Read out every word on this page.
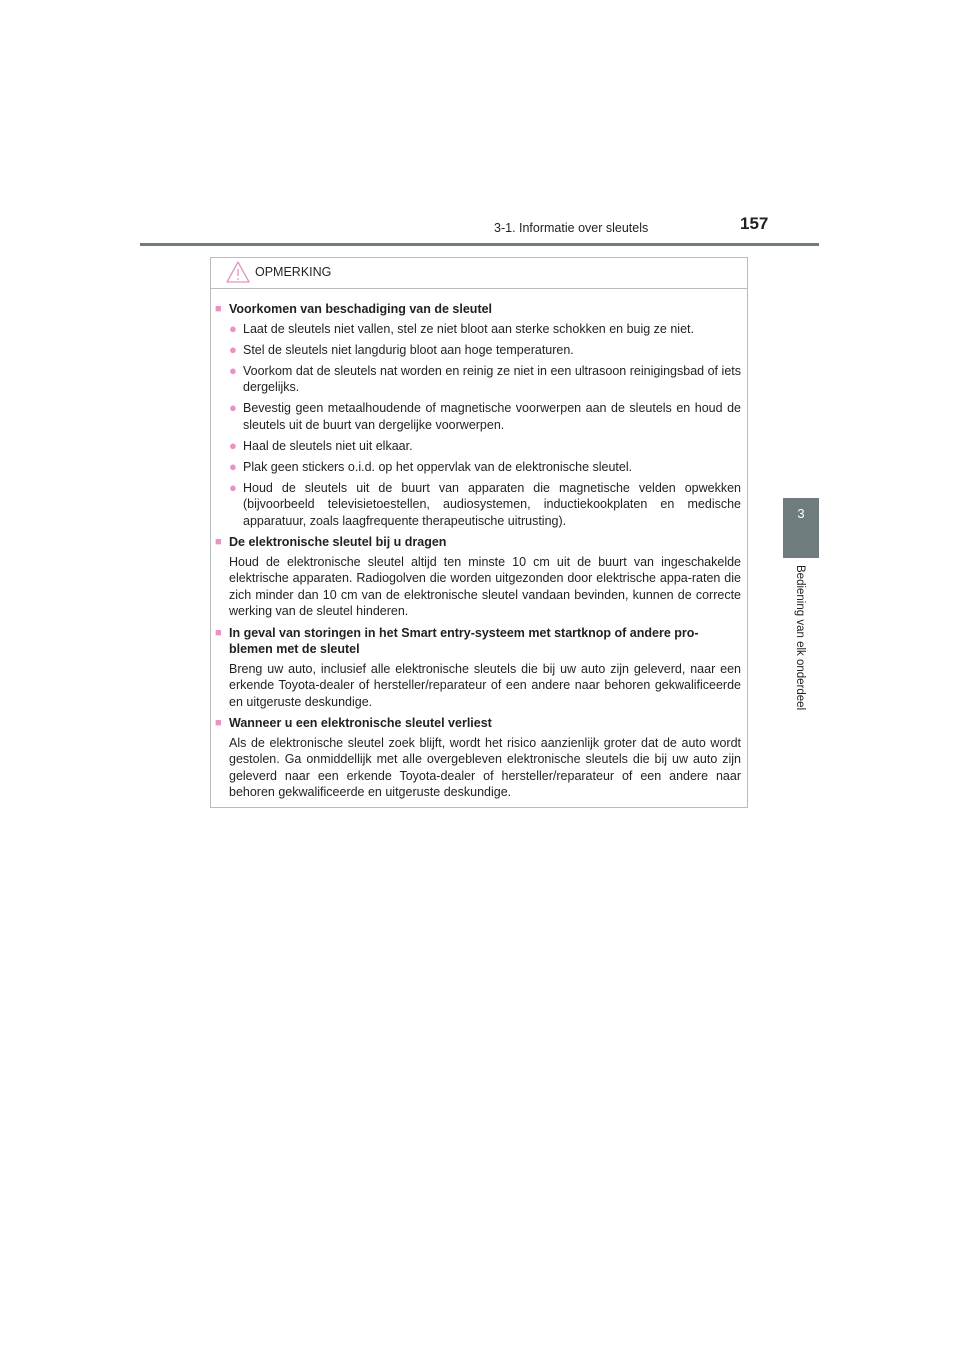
3-1. Informatie over sleutels	157
3
Bediening van elk onderdeel
OPMERKING
■ Voorkomen van beschadiging van de sleutel
● Laat de sleutels niet vallen, stel ze niet bloot aan sterke schokken en buig ze niet.
● Stel de sleutels niet langdurig bloot aan hoge temperaturen.
● Voorkom dat de sleutels nat worden en reinig ze niet in een ultrasoon reinigingsbad of iets dergelijks.
● Bevestig geen metaalhoudende of magnetische voorwerpen aan de sleutels en houd de sleutels uit de buurt van dergelijke voorwerpen.
● Haal de sleutels niet uit elkaar.
● Plak geen stickers o.i.d. op het oppervlak van de elektronische sleutel.
● Houd de sleutels uit de buurt van apparaten die magnetische velden opwekken (bijvoorbeeld televisietoestellen, audiosystemen, inductiekookplaten en medische apparatuur, zoals laagfrequente therapeutische uitrusting).
■ De elektronische sleutel bij u dragen
Houd de elektronische sleutel altijd ten minste 10 cm uit de buurt van ingeschakelde elektrische apparaten. Radiogolven die worden uitgezonden door elektrische appa-raten die zich minder dan 10 cm van de elektronische sleutel vandaan bevinden, kunnen de correcte werking van de sleutel hinderen.
■ In geval van storingen in het Smart entry-systeem met startknop of andere pro-blemen met de sleutel
Breng uw auto, inclusief alle elektronische sleutels die bij uw auto zijn geleverd, naar een erkende Toyota-dealer of hersteller/reparateur of een andere naar behoren gekwalificeerde en uitgeruste deskundige.
■ Wanneer u een elektronische sleutel verliest
Als de elektronische sleutel zoek blijft, wordt het risico aanzienlijk groter dat de auto wordt gestolen. Ga onmiddellijk met alle overgebleven elektronische sleutels die bij uw auto zijn geleverd naar een erkende Toyota-dealer of hersteller/reparateur of een andere naar behoren gekwalificeerde en uitgeruste deskundige.
